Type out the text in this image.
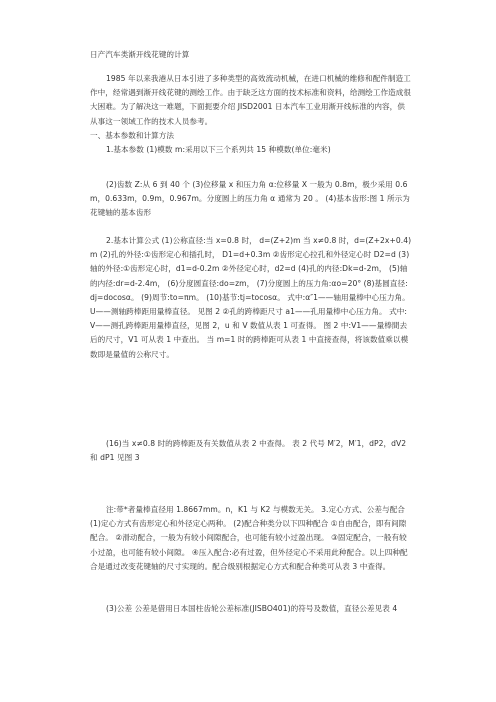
日产汽车类渐开线花键的计算

1985 年以来我港从日本引进了多种类型的高效流动机械，在进口机械的维修和配件制造工作中，经常遇到渐开线花键的测绘工作。由于缺乏这方面的技术标准和资料，给测绘工作造成很大困难。为了解决这一难题，下面扼要介绍 JISD2001 日本汽车工业用渐开线标准的内容，供从事这一领域工作的技术人员参考。

一、基本参数和计算方法

1.基本参数 (1)模数 m:采用以下三个系列共 15 种模数(单位:毫米)

(2)齿数 Z:从 6 到 40 个 (3)位移量 x 和压力角 α:位移量 X 一般为 0.8m，极少采用 0.6m，0.633m，0.9m，0.967m。分度圆上的压力角 α 通常为 20 。 (4)基本齿形:图 1 所示为花键轴的基本齿形

2.基本计算公式 (1)公称直径:当 x=0.8 时， d=(Z+2)m 当 x≠0.8 时，d=(Z+2x+0.4)m (2)孔的外径:①齿形定心和插孔时， D1=d+0.3m ②齿形定心拉孔和外径定心时 D2=d (3)轴的外径:①齿形定心时，d1=d-0.2m ②外径定心时，d2=d (4)孔的内径:Dk=d-2m， (5)轴的内径:dr=d-2.4m， (6)分度圆直径:do=zm， (7)分度圆上的压力角:αo=20° (8)基圆直径:dj=docosα。 (9)周节:to=πm。 (10)基节:tj=tocosα。 式中:α″1——轴用量棒中心压力角。 U——测轴跨棒距用量棒直径。 见图 2 ②孔的跨棒距尺寸 a1——孔用量棒中心压力角。 式中:V——测孔跨棒距用量棒直径，见图 2，u 和 V 数值从表 1 可查得。 图 2 中:V1——量棒間去后的尺寸，V1 可从表 1 中查出。 当 m=1 时的跨棒距可从表 1 中直接查得，将该数值乘以模数即是量值的公称尺寸。

(16)当 x≠0.8 时的跨棒距及有关数值从表 2 中查得。 表 2 代号 M′2，M′1，dP2，dV2 和 dP1 见图 3

注:带*者量棒直径用 1.8667mm。n，K1 与 K2 与模数无关。 3.定心方式、公差与配合 (1)定心方式有齿形定心和外径定心两种。 (2)配合种类分以下四种配合 ①自由配合，即有间隙配合。 ②滑动配合，一般为有较小间隙配合，也可能有较小过盈出现。 ③固定配合，一般有较小过盈，也可能有较小间隙。 ④压入配合:必有过盈，但外径定心不采用此种配合。以上四种配合是通过改变花键轴的尺寸实现的。配合级别根据定心方式和配合种类可从表 3 中查得。

(3)公差 公差是借用日本国柱齿轮公差标准(JISBO401)的符号及数值，直径公差见表 4
